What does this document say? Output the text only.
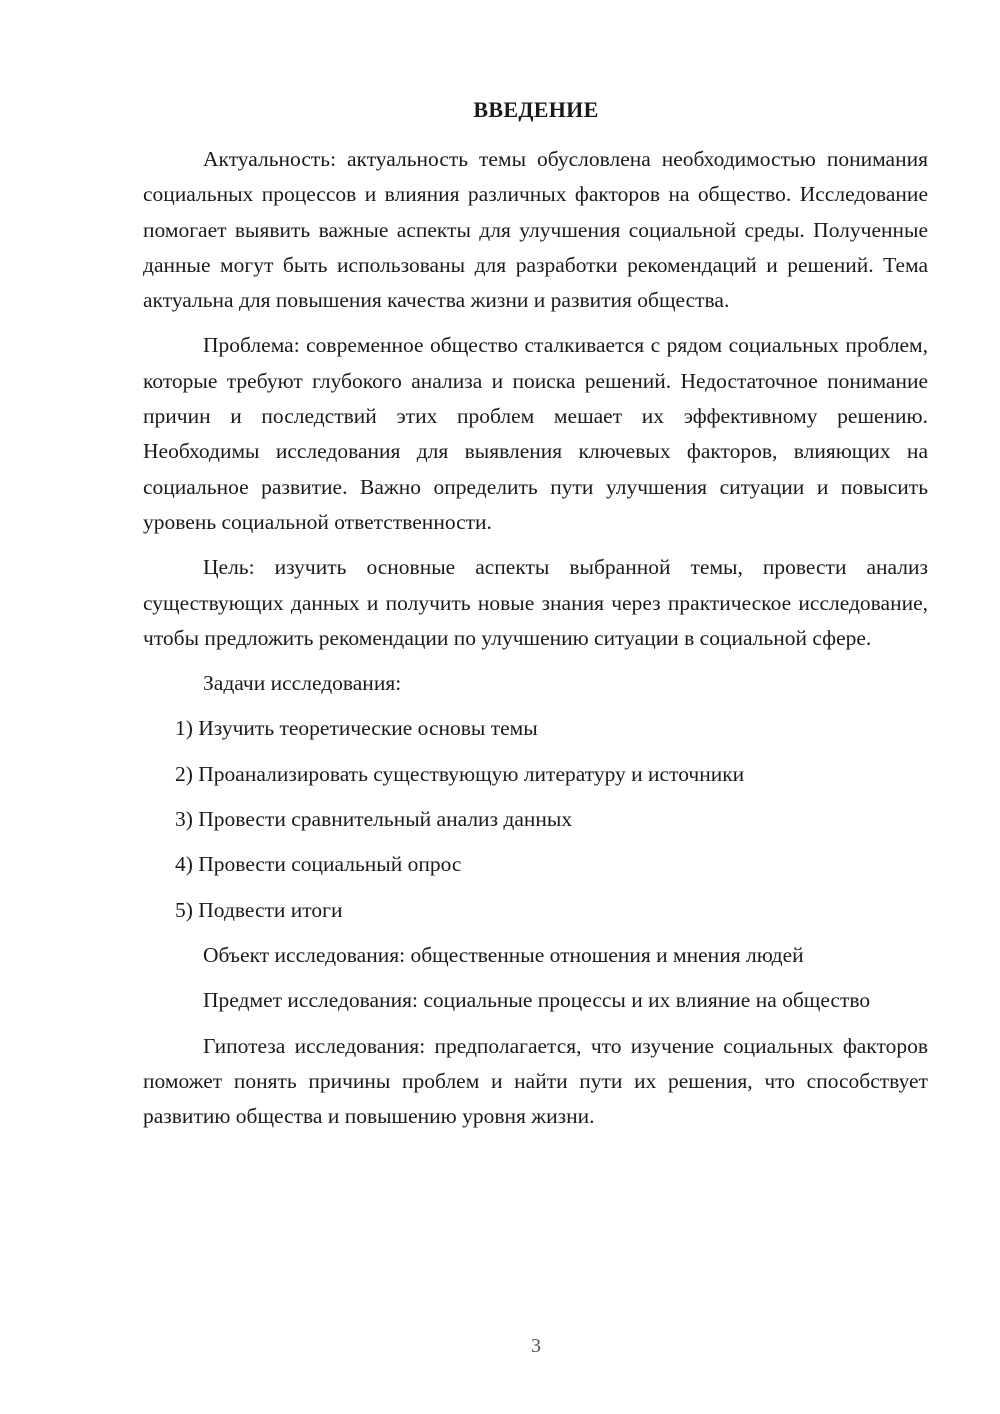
ВВЕДЕНИЕ

Актуальность: актуальность темы обусловлена необходимостью понимания социальных процессов и влияния различных факторов на общество. Исследование помогает выявить важные аспекты для улучшения социальной среды. Полученные данные могут быть использованы для разработки рекомендаций и решений. Тема актуальна для повышения качества жизни и развития общества.

Проблема: современное общество сталкивается с рядом социальных проблем, которые требуют глубокого анализа и поиска решений. Недостаточное понимание причин и последствий этих проблем мешает их эффективному решению. Необходимы исследования для выявления ключевых факторов, влияющих на социальное развитие. Важно определить пути улучшения ситуации и повысить уровень социальной ответственности.

Цель: изучить основные аспекты выбранной темы, провести анализ существующих данных и получить новые знания через практическое исследование, чтобы предложить рекомендации по улучшению ситуации в социальной сфере.

Задачи исследования:

1) Изучить теоретические основы темы

2) Проанализировать существующую литературу и источники

3) Провести сравнительный анализ данных

4) Провести социальный опрос

5) Подвести итоги

Объект исследования: общественные отношения и мнения людей

Предмет исследования: социальные процессы и их влияние на общество

Гипотеза исследования: предполагается, что изучение социальных факторов поможет понять причины проблем и найти пути их решения, что способствует развитию общества и повышению уровня жизни.

3
